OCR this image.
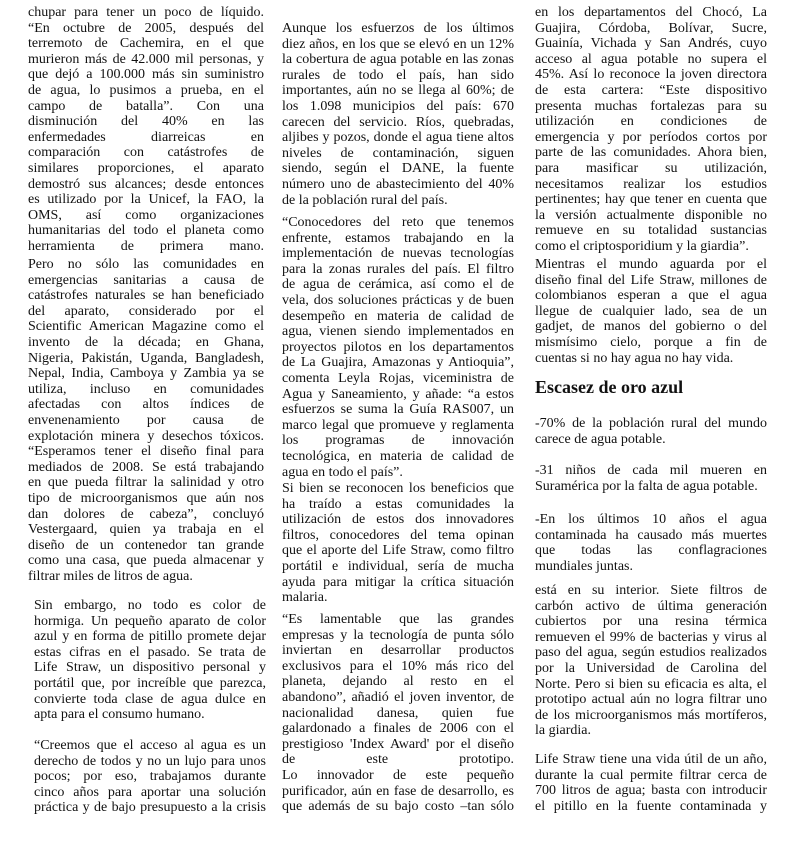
chupar para tener un poco de líquido.
“En octubre de 2005, después del
terremoto de Cachemira, en el que
murieron más de 42.000 mil personas, y
que dejó a 100.000 más sin suministro
de agua, lo pusimos a prueba, en el
campo de batalla”. Con una
disminución del 40% en las
enfermedades diarreicas en
comparación con catástrofes de
similares proporciones, el aparato
demostró sus alcances; desde entonces
es utilizado por la Unicef, la FAO, la
OMS, así como organizaciones
humanitarias del todo el planeta como
herramienta de primera mano.
Pero no sólo las comunidades en
emergencias sanitarias a causa de
catástrofes naturales se han beneficiado
del aparato, considerado por el
Scientific American Magazine como el
invento de la década; en Ghana,
Nigeria, Pakistán, Uganda, Bangladesh,
Nepal, India, Camboya y Zambia ya se
utiliza, incluso en comunidades
afectadas con altos índices de
envenenamiento por causa de
explotación minera y desechos tóxicos.
“Esperamos tener el diseño final para
mediados de 2008. Se está trabajando
en que pueda filtrar la salinidad y otro
tipo de microorganismos que aún nos
dan dolores de cabeza”, concluyó
Vestergaard, quien ya trabaja en el
diseño de un contenedor tan grande
como una casa, que pueda almacenar y
filtrar miles de litros de agua.
Sin embargo, no todo es color de
hormiga. Un pequeño aparato de color
azul y en forma de pitillo promete dejar
estas cifras en el pasado. Se trata de
Life Straw, un dispositivo personal y
portátil que, por increíble que parezca,
convierte toda clase de agua dulce en
apta para el consumo humano.
“Creemos que el acceso al agua es un
derecho de todos y no un lujo para unos
pocos; por eso, trabajamos durante
cinco años para aportar una solución
práctica y de bajo presupuesto a la crisis
Aunque los esfuerzos de los últimos
diez años, en los que se elevó en un 12%
la cobertura de agua potable en las zonas
rurales de todo el país, han sido
importantes, aún no se llega al 60%; de
los 1.098 municipios del país: 670
carecen del servicio. Ríos, quebradas,
aljibes y pozos, donde el agua tiene altos
niveles de contaminación, siguen
siendo, según el DANE, la fuente
número uno de abastecimiento del 40%
de la población rural del país.
“Conocedores del reto que tenemos
enfrente, estamos trabajando en la
implementación de nuevas tecnologías
para la zonas rurales del país. El filtro
de agua de cerámica, así como el de
vela, dos soluciones prácticas y de buen
desempeño en materia de calidad de
agua, vienen siendo implementados en
proyectos pilotos en los departamentos
de La Guajira, Amazonas y Antioquia”,
comenta Leyla Rojas, viceministra de
Agua y Saneamiento, y añade: “a estos
esfuerzos se suma la Guía RAS007, un
marco legal que promueve y reglamenta
los programas de innovación
tecnológica, en materia de calidad de
agua en todo el país”.
Si bien se reconocen los beneficios que
ha traído a estas comunidades la
utilización de estos dos innovadores
filtros, conocedores del tema opinan
que el aporte del Life Straw, como filtro
portátil e individual, sería de mucha
ayuda para mitigar la crítica situación
malaria.
“Es lamentable que las grandes
empresas y la tecnología de punta sólo
inviertan en desarrollar productos
exclusivos para el 10% más rico del
planeta, dejando al resto en el
abandono”, añadió el joven inventor, de
nacionalidad danesa, quien fue
galardonado a finales de 2006 con el
prestigioso 'Index Award' por el diseño
de este prototipo.
Lo innovador de este pequeño
purificador, aún en fase de desarrollo, es
que además de su bajo costo –tan sólo
en los departamentos del Chocó, La
Guajira, Córdoba, Bolívar, Sucre,
Guainía, Vichada y San Andrés, cuyo
acceso al agua potable no supera el
45%. Así lo reconoce la joven directora
de esta cartera: “Este dispositivo
presenta muchas fortalezas para su
utilización en condiciones de
emergencia y por períodos cortos por
parte de las comunidades. Ahora bien,
para masificar su utilización,
necesitamos realizar los estudios
pertinentes; hay que tener en cuenta que
la versión actualmente disponible no
remueve en su totalidad sustancias
como el criptosporidium y la giardia”.
Mientras el mundo aguarda por el
diseño final del Life Straw, millones de
colombianos esperan a que el agua
llegue de cualquier lado, sea de un
gadjet, de manos del gobierno o del
mismísimo cielo, porque a fin de
cuentas si no hay agua no hay vida.
Escasez de oro azul
-70% de la población rural del mundo
carece de agua potable.
-31 niños de cada mil mueren en
Suramérica por la falta de agua potable.
-En los últimos 10 años el agua
contaminada ha causado más muertes
que todas las conflagraciones
mundiales juntas.
está en su interior. Siete filtros de
carbón activo de última generación
cubiertos por una resina térmica
remueven el 99% de bacterias y virus al
paso del agua, según estudios realizados
por la Universidad de Carolina del
Norte. Pero si bien su eficacia es alta, el
prototipo actual aún no logra filtrar uno
de los microorganismos más mortíferos,
la giardia.
Life Straw tiene una vida útil de un año,
durante la cual permite filtrar cerca de
700 litros de agua; basta con introducir
el pitillo en la fuente contaminada y
